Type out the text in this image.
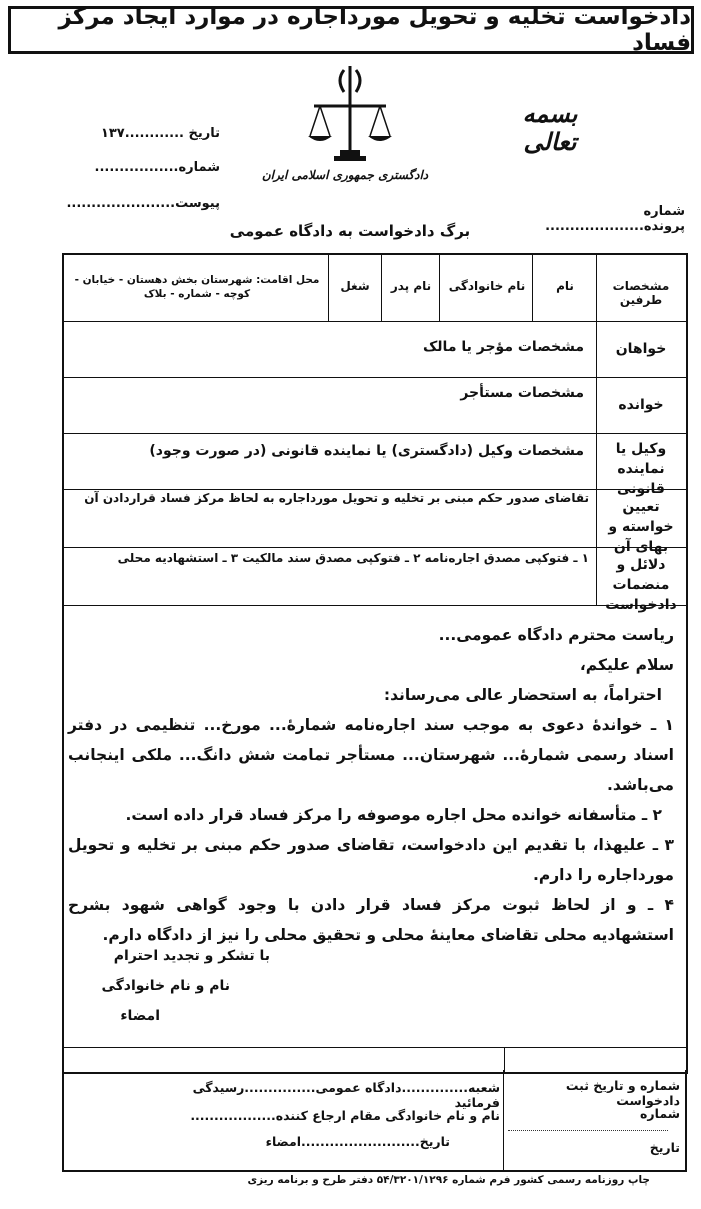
دادخواست تخلیه و تحویل مورداجاره در موارد ایجاد مرکز فساد
بسمه تعالی
دادگستری جمهوری اسلامی ایران
تاریخ ............۱۳۷
شماره.................
پیوست......................
شماره پرونده....................
برگ دادخواست به دادگاه عمومی
مشخصات طرفین
نام
نام خانوادگی
نام پدر
شغل
محل اقامت: شهرستان بخش دهستان - خیابان - کوچه - شماره - بلاک
خواهان
مشخصات مؤجر یا مالک
خوانده
مشخصات مستأجر
وکیل یا نماینده قانونی
مشخصات وکیل (دادگستری) یا نماینده قانونی (در صورت وجود)
تعیین خواسته و بهای آن
تقاضای صدور حکم مبنی بر تخلیه و تحویل مورداجاره به لحاظ مرکز فساد قراردادن آن
دلائل و منضمات دادخواست
۱ ـ فتوکپی مصدق اجاره‌نامه ۲ ـ فتوکپی مصدق سند مالکیت ۳ ـ استشهادیه محلی

ریاست محترم دادگاه عمومی...

سلام علیکم،

احتراماً، به استحضار عالی می‌رساند:

۱ ـ خواندهٔ دعوی به موجب سند اجاره‌نامه شمارهٔ... مورخ... تنظیمی در دفتر اسناد رسمی شمارهٔ... شهرستان... مستأجر تمامت شش دانگ... ملکی اینجانب می‌باشد.

۲ ـ متأسفانه خوانده محل اجاره موصوفه را مرکز فساد قرار داده است.

۳ ـ علیهذا، با تقدیم این دادخواست، تقاضای صدور حکم مبنی بر تخلیه و تحویل مورداجاره را دارم.

۴ ـ و از لحاظ ثبوت مرکز فساد قرار دادن با وجود گواهی شهود بشرح استشهادیه محلی تقاضای معاینهٔ محلی و تحقیق محلی را نیز از دادگاه دارم.

با تشکر و تجدید احترام
نام و نام خانوادگی
امضاء
شماره و تاریخ ثبت دادخواست
شماره
تاریخ
شعبه..............دادگاه عمومی...............رسیدگی فرمائید
نام و نام خانوادگی مقام ارجاع کننده..................
تاریخ.........................امضاء
چاپ روزنامه رسمی کشور فرم شماره ۵۴/۳۲۰۱/۱۲۹۶ دفتر طرح و برنامه ریزی
